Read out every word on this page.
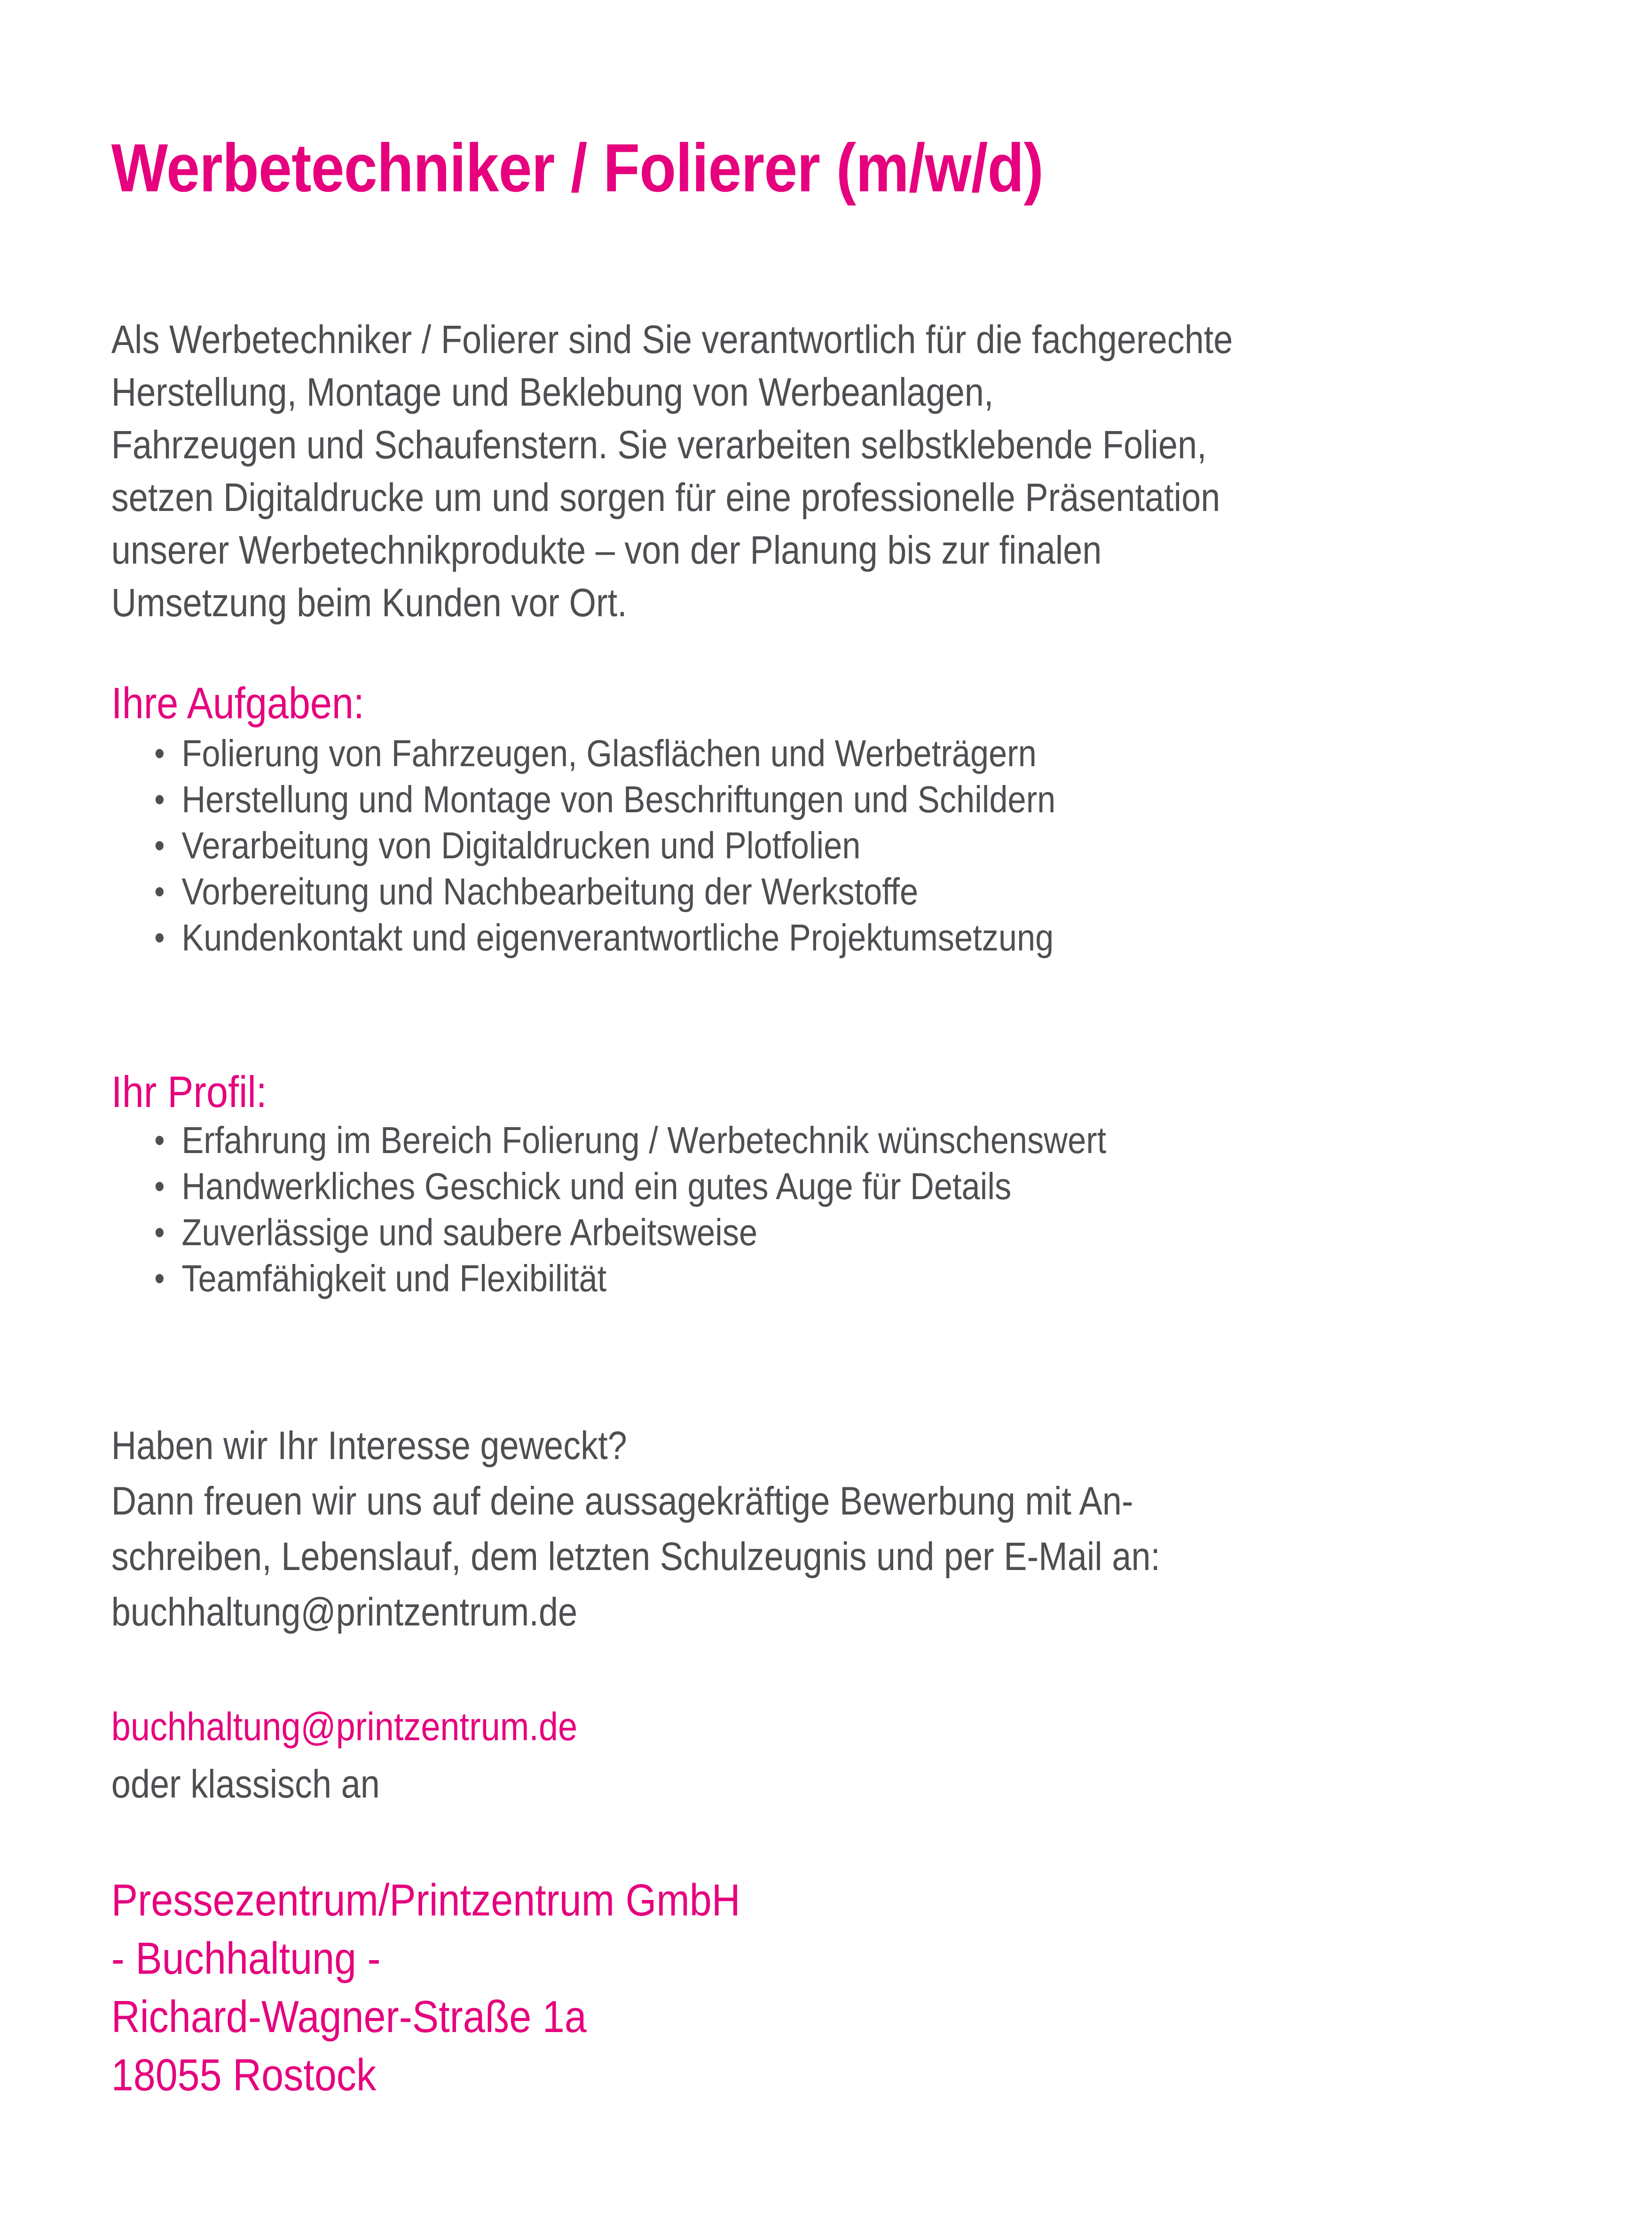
Werbetechniker / Folierer (m/w/d)
Als Werbetechniker / Folierer sind Sie verantwortlich für die fachgerechte
Herstellung, Montage und Beklebung von Werbeanlagen,
Fahrzeugen und Schaufenstern. Sie verarbeiten selbstklebende Folien,
setzen Digitaldrucke um und sorgen für eine professionelle Präsentation
unserer Werbetechnikprodukte – von der Planung bis zur finalen
Umsetzung beim Kunden vor Ort.
Ihre Aufgaben:
• Folierung von Fahrzeugen, Glasflächen und Werbeträgern
• Herstellung und Montage von Beschriftungen und Schildern
• Verarbeitung von Digitaldrucken und Plotfolien
• Vorbereitung und Nachbearbeitung der Werkstoffe
• Kundenkontakt und eigenverantwortliche Projektumsetzung
Ihr Profil:
• Erfahrung im Bereich Folierung / Werbetechnik wünschenswert
• Handwerkliches Geschick und ein gutes Auge für Details
• Zuverlässige und saubere Arbeitsweise
• Teamfähigkeit und Flexibilität
Haben wir Ihr Interesse geweckt?
Dann freuen wir uns auf deine aussagekräftige Bewerbung mit An-
schreiben, Lebenslauf, dem letzten Schulzeugnis und per E-Mail an:
buchhaltung@printzentrum.de
buchhaltung@printzentrum.de
oder klassisch an
Pressezentrum/Printzentrum GmbH
- Buchhaltung -
Richard-Wagner-Straße 1a
18055 Rostock
